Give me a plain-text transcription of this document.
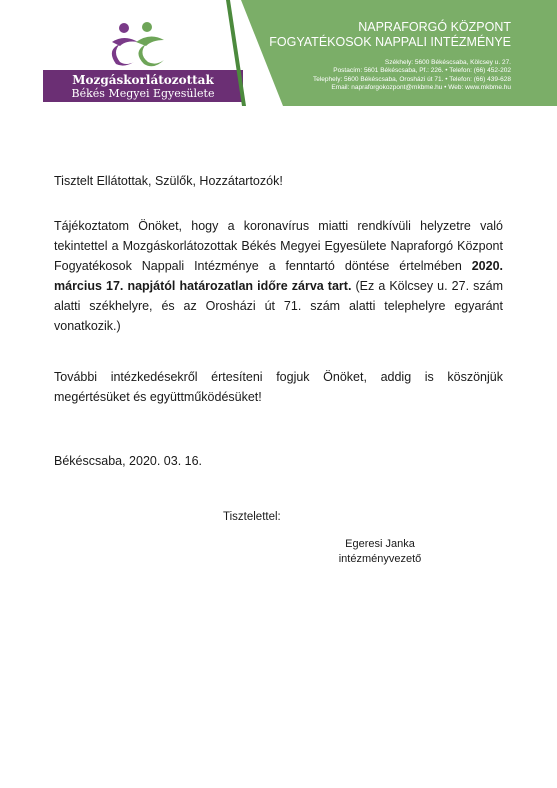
Mozgáskorlátozottak
Békés Megyei Egyesülete
NAPRAFORGÓ KÖZPONT
FOGYATÉKOSOK NAPPALI INTÉZMÉNYE
Székhely: 5600 Békéscsaba, Kölcsey u. 27.
Postacím: 5601 Békéscsaba, Pf.: 226. • Telefon: (66) 452-202
Telephely: 5600 Békéscsaba, Orosházi út 71. • Telefon: (66) 439-628
Email: napraforgokozpont@mkbme.hu • Web: www.mkbme.hu
Tisztelt Ellátottak, Szülők, Hozzátartozók!
Tájékoztatom Önöket, hogy a koronavírus miatti rendkívüli helyzetre való tekintettel a Mozgáskorlátozottak Békés Megyei Egyesülete Napraforgó Központ Fogyatékosok Nappali Intézménye a fenntartó döntése értelmében 2020. március 17. napjától határozatlan időre zárva tart. (Ez a Kölcsey u. 27. szám alatti székhelyre, és az Orosházi út 71. szám alatti telephelyre egyaránt vonatkozik.)
További intézkedésekről értesíteni fogjuk Önöket, addig is köszönjük megértésüket és együttműködésüket!
Békéscsaba, 2020. 03. 16.
Tisztelettel:
Egeresi Janka
intézményvezető
